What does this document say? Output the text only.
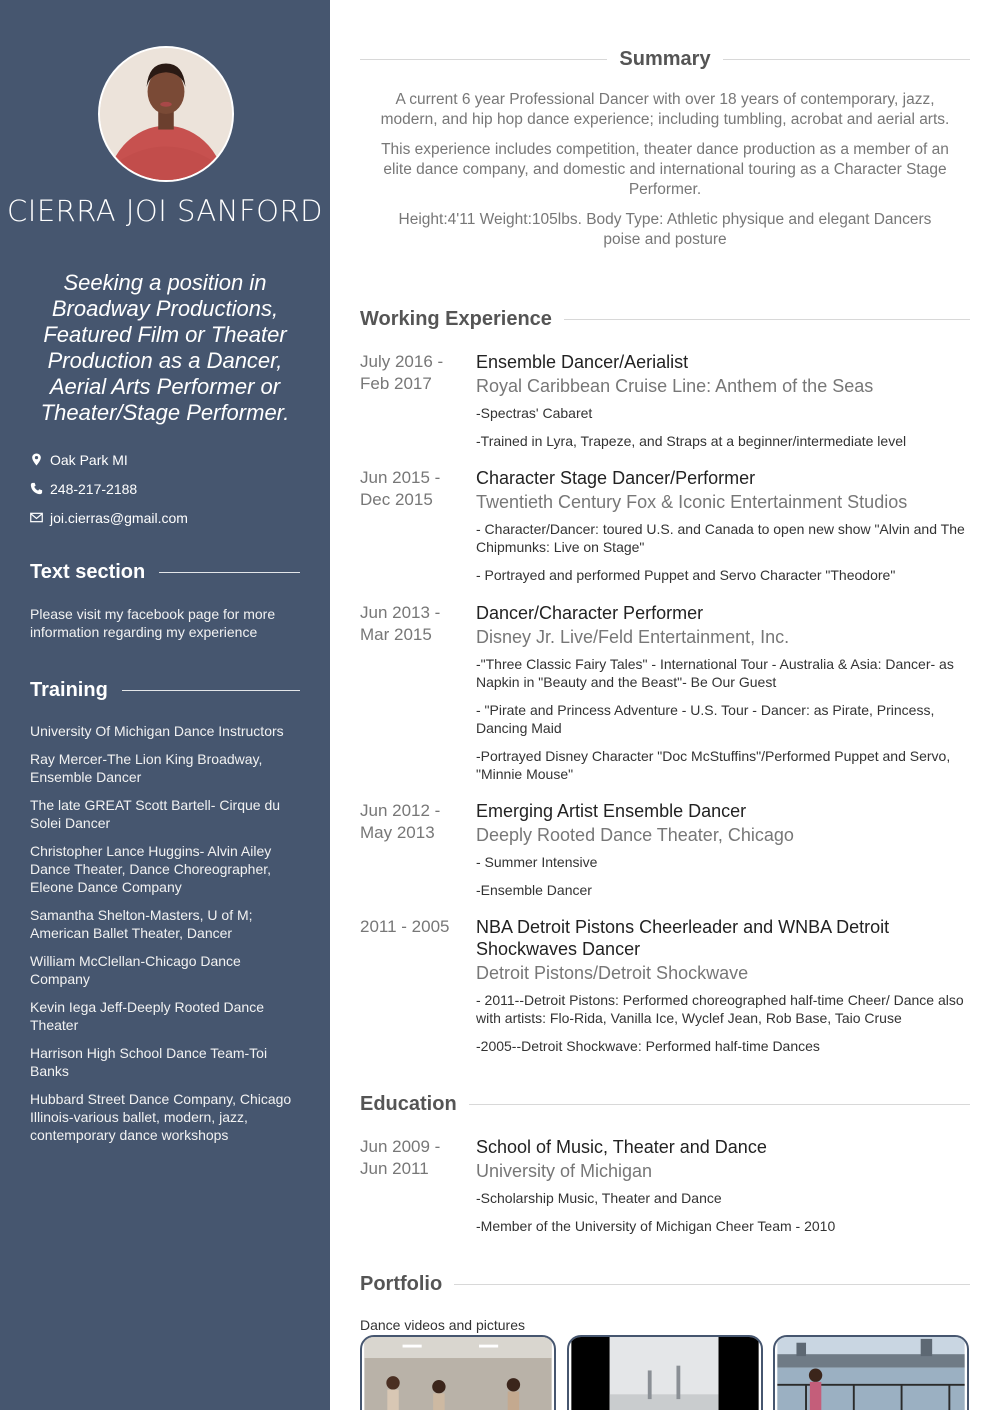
CIERRA JOI SANFORD
Seeking a position in Broadway Productions, Featured Film or Theater Production as a Dancer, Aerial Arts Performer or Theater/Stage Performer.
Oak Park MI
248-217-2188
joi.cierras@gmail.com
Text section
Please visit my facebook page for more information regarding my experience
Training
University Of Michigan Dance Instructors
Ray Mercer-The Lion King Broadway, Ensemble Dancer
The late GREAT Scott Bartell- Cirque du Solei Dancer
Christopher Lance Huggins- Alvin Ailey Dance Theater, Dance Choreographer, Eleone Dance Company
Samantha Shelton-Masters, U of M; American Ballet Theater, Dancer
William McClellan-Chicago Dance Company
Kevin Iega Jeff-Deeply Rooted Dance Theater
Harrison High School Dance Team-Toi Banks
Hubbard Street Dance Company, Chicago Illinois-various ballet, modern, jazz, contemporary dance workshops
Summary

A current 6 year Professional Dancer with over 18 years of contemporary, jazz, modern, and hip hop dance experience; including tumbling, acrobat and aerial arts.

This experience includes competition, theater dance production as a member of an elite dance company, and domestic and international touring as a Character Stage Performer.

Height:4'11 Weight:105lbs. Body Type: Athletic physique and elegant Dancers poise and posture

Working Experience
July 2016 - Feb 2017
Ensemble Dancer/Aerialist
Royal Caribbean Cruise Line: Anthem of the Seas

-Spectras' Cabaret

-Trained in Lyra, Trapeze, and Straps at a beginner/intermediate level

Jun 2015 - Dec 2015
Character Stage Dancer/Performer
Twentieth Century Fox & Iconic Entertainment Studios

- Character/Dancer: toured U.S. and Canada to open new show "Alvin and The Chipmunks: Live on Stage"

- Portrayed and performed Puppet and Servo Character "Theodore"

Jun 2013 - Mar 2015
Dancer/Character Performer
Disney Jr. Live/Feld Entertainment, Inc.

-"Three Classic Fairy Tales" - International Tour - Australia & Asia: Dancer- as Napkin in "Beauty and the Beast"- Be Our Guest

- "Pirate and Princess Adventure - U.S. Tour - Dancer: as Pirate, Princess, Dancing Maid

-Portrayed Disney Character "Doc McStuffins"/Performed Puppet and Servo, "Minnie Mouse"

Jun 2012 - May 2013
Emerging Artist Ensemble Dancer
Deeply Rooted Dance Theater, Chicago

- Summer Intensive

-Ensemble Dancer

2011 - 2005	NBA Detroit Pistons Cheerleader and WNBA Detroit Shockwaves Dancer
Detroit Pistons/Detroit Shockwave

- 2011--Detroit Pistons: Performed choreographed half-time Cheer/ Dance also with artists: Flo-Rida, Vanilla Ice, Wyclef Jean, Rob Base, Taio Cruse

-2005--Detroit Shockwave: Performed half-time Dances

Education
Jun 2009 - Jun 2011
School of Music, Theater and Dance
University of Michigan

-Scholarship Music, Theater and Dance

-Member of the University of Michigan Cheer Team - 2010

Portfolio
Dance videos and pictures
